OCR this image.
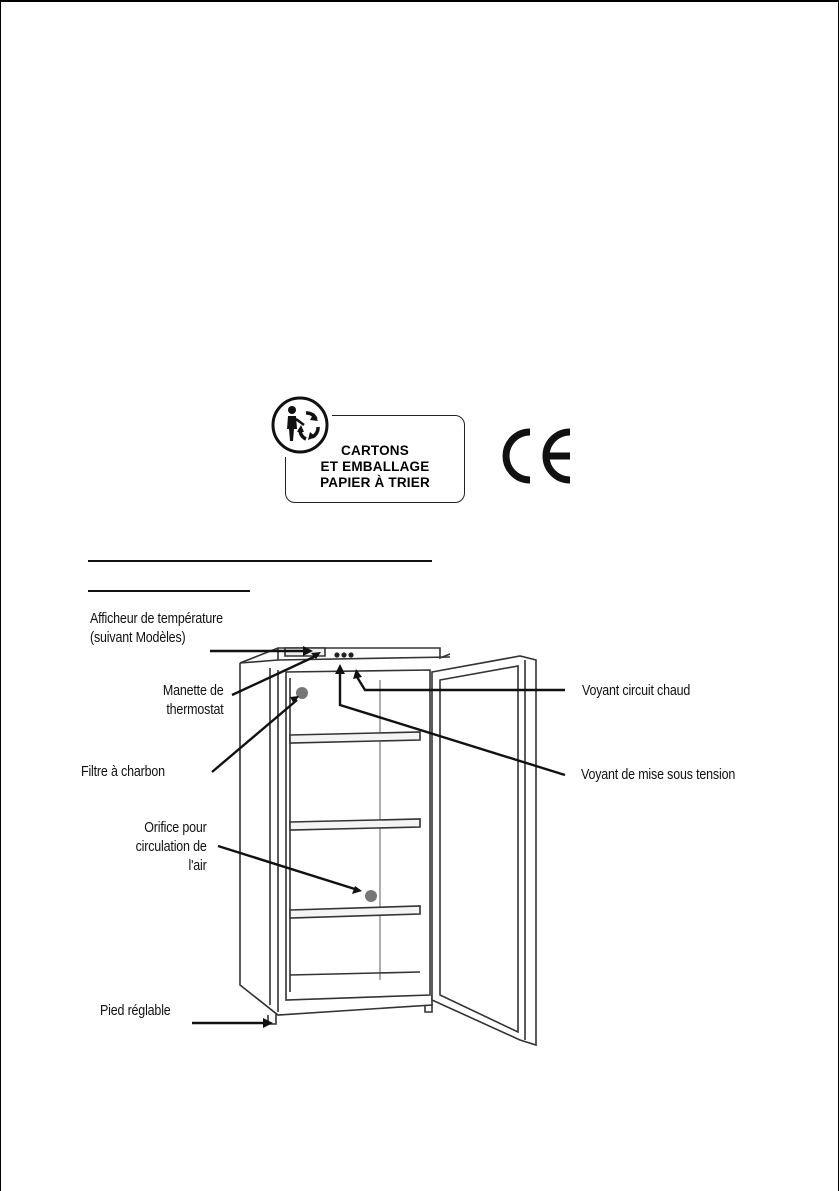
CARTONS
ET EMBALLAGE
PAPIER À TRIER
Afficheur de température
(suivant Modèles)
Manette de
thermostat
Filtre à charbon
Orifice pour
circulation de
l'air
Pied réglable
Voyant circuit chaud
Voyant de mise sous tension
